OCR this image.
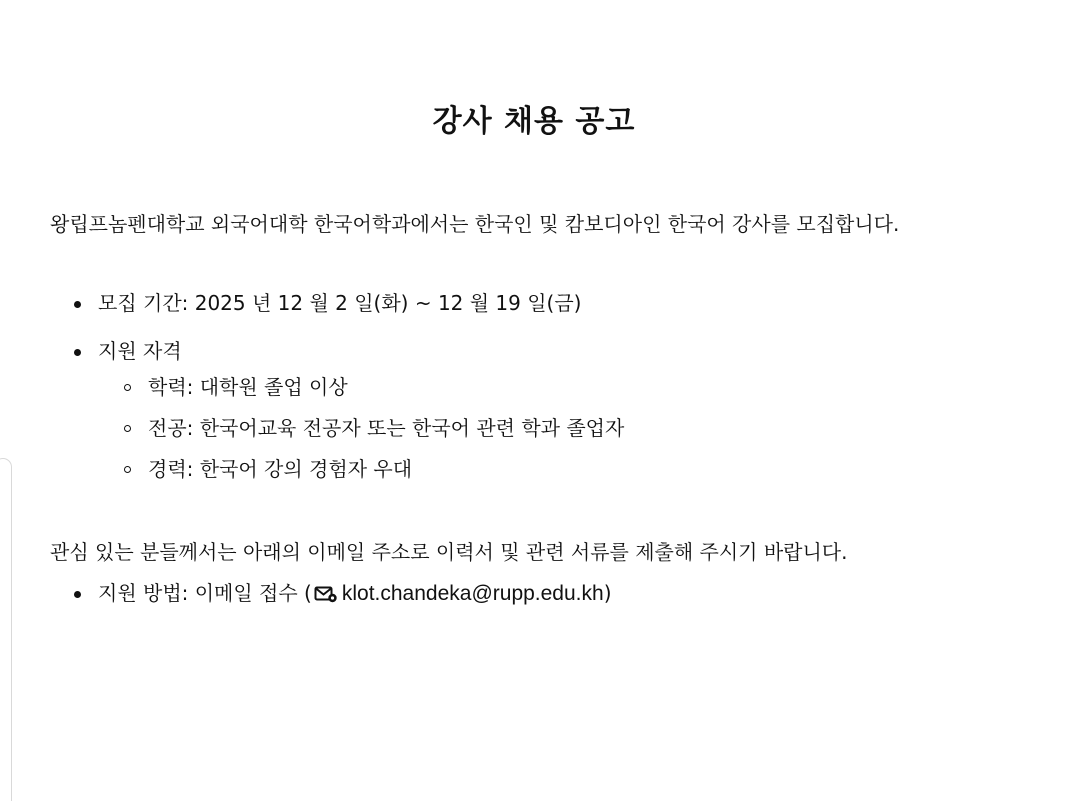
강사 채용 공고

왕립프놈펜대학교 외국어대학 한국어학과에서는 한국인 및 캄보디아인 한국어 강사를 모집합니다.

모집 기간: 2025 년 12 월 2 일(화) ~ 12 월 19 일(금)
지원 자격
학력: 대학원 졸업 이상
전공: 한국어교육 전공자 또는 한국어 관련 학과 졸업자
경력: 한국어 강의 경험자 우대

관심 있는 분들께서는 아래의 이메일 주소로 이력서 및 관련 서류를 제출해 주시기 바랍니다.

지원 방법: 이메일 접수 ( klot.chandeka@rupp.edu.kh)
